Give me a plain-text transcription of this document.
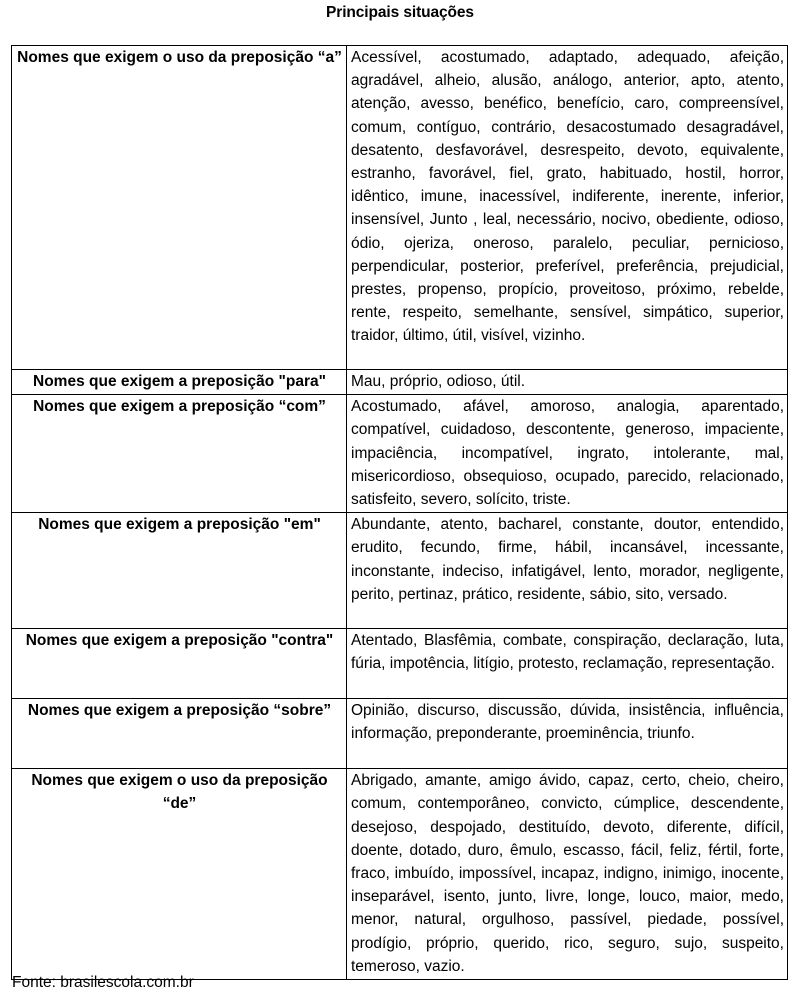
Principais situações
Nomes que exigem o uso da preposição “a”	Acessível, acostumado, adaptado, adequado, afeição, agradável, alheio, alusão, análogo, anterior, apto, atento, atenção, avesso, benéfico, benefício, caro, compreensível, comum, contíguo, contrário, desacostumado desagradável, desatento, desfavorável, desrespeito, devoto, equivalente, estranho, favorável, fiel, grato, habituado, hostil, horror, idêntico, imune, inacessível, indiferente, inerente, inferior, insensível, Junto , leal, necessário, nocivo, obediente, odioso, ódio, ojeriza, oneroso, paralelo, peculiar, pernicioso, perpendicular, posterior, preferível, preferência, prejudicial, prestes, propenso, propício, proveitoso, próximo, rebelde, rente, respeito, semelhante, sensível, simpático, superior, traidor, último, útil, visível, vizinho.
Nomes que exigem a preposição "para"	Mau, próprio, odioso, útil.
Nomes que exigem a preposição “com”	Acostumado, afável, amoroso, analogia, aparentado, compatível, cuidadoso, descontente, generoso, impaciente, impaciência, incompatível, ingrato, intolerante, mal, misericordioso, obsequioso, ocupado, parecido, relacionado, satisfeito, severo, solícito, triste.
Nomes que exigem a preposição "em"	Abundante, atento, bacharel, constante, doutor, entendido, erudito, fecundo, firme, hábil, incansável, incessante, inconstante, indeciso, infatigável, lento, morador, negligente, perito, pertinaz, prático, residente, sábio, sito, versado.
Nomes que exigem a preposição "contra"	Atentado, Blasfêmia, combate, conspiração, declaração, luta, fúria, impotência, litígio, protesto, reclamação, representação.
Nomes que exigem a preposição “sobre”	Opinião, discurso, discussão, dúvida, insistência, influência, informação, preponderante, proeminência, triunfo.
Nomes que exigem o uso da preposição “de”	Abrigado, amante, amigo ávido, capaz, certo, cheio, cheiro, comum, contemporâneo, convicto, cúmplice, descendente, desejoso, despojado, destituído, devoto, diferente, difícil, doente, dotado, duro, êmulo, escasso, fácil, feliz, fértil, forte, fraco, imbuído, impossível, incapaz, indigno, inimigo, inocente, inseparável, isento, junto, livre, longe, louco, maior, medo, menor, natural, orgulhoso, passível, piedade, possível, prodígio, próprio, querido, rico, seguro, sujo, suspeito, temeroso, vazio.
Fonte: brasilescola.com.br
